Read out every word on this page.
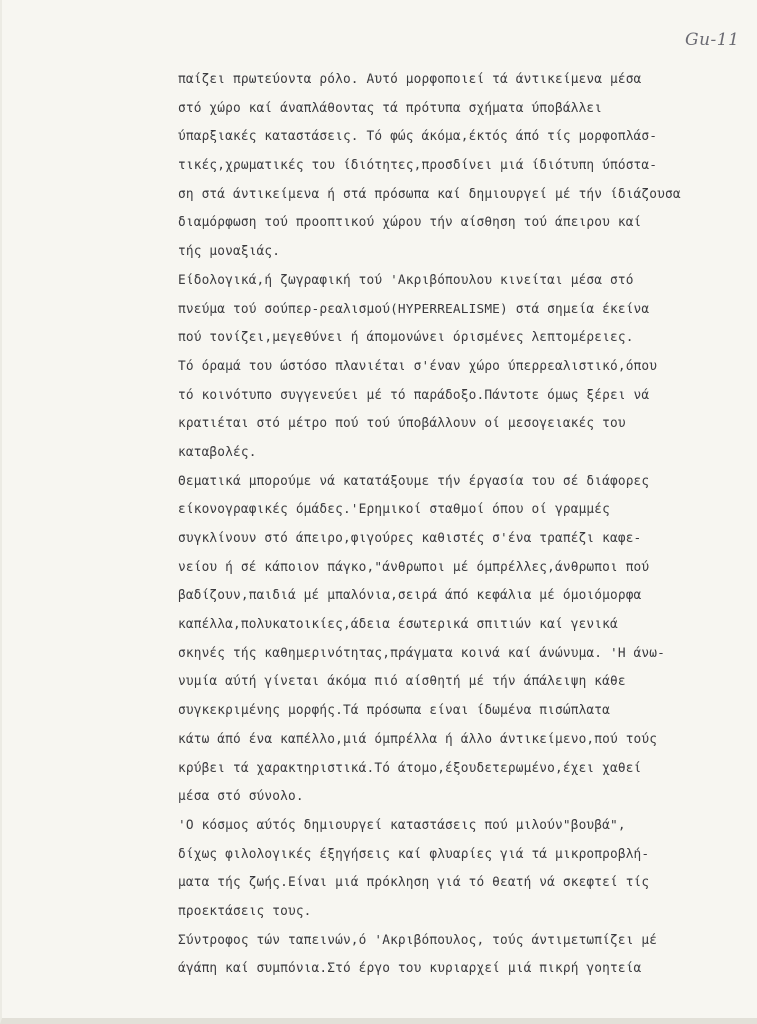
Gu-11
παίζει πρωτεύοντα ρόλο. Αυτό μορφοποιεί τά άντικείμενα μέσα
στό χώρο καί άναπλάθοντας τά πρότυπα σχήματα ύποβάλλει
ύπαρξιακές καταστάσεις. Τό φώς άκόμα,έκτός άπό τίς μορφοπλάσ-
τικές,χρωματικές του ίδιότητες,προσδίνει μιά ίδιότυπη ύπόστα-
ση στά άντικείμενα ή στά πρόσωπα καί δημιουργεί μέ τήν ίδιάζουσα
διαμόρφωση τού προοπτικού χώρου τήν αίσθηση τού άπειρου καί
τής μοναξιάς.
Είδολογικά,ή ζωγραφική τού 'Ακριβόπουλου κινείται μέσα στό
πνεύμα τού σούπερ-ρεαλισμού(HYPERREALISME) στά σημεία έκείνα
πού τονίζει,μεγεθύνει ή άπομονώνει όρισμένες λεπτομέρειες.
Τό όραμά του ώστόσο πλανιέται σ'έναν χώρο ύπερρεαλιστικό,όπου
τό κοινότυπο συγγενεύει μέ τό παράδοξο.Πάντοτε όμως ξέρει νά
κρατιέται στό μέτρο πού τού ύποβάλλουν οί μεσογειακές του
καταβολές.
Θεματικά μπορούμε νά κατατάξουμε τήν έργασία του σέ διάφορες
είκονογραφικές όμάδες.'Ερημικοί σταθμοί όπου οί γραμμές
συγκλίνουν στό άπειρο,φιγούρες καθιστές σ'ένα τραπέζι καφε-
νείου ή σέ κάποιον πάγκο,"άνθρωποι μέ όμπρέλλες,άνθρωποι πού
βαδίζουν,παιδιά μέ μπαλόνια,σειρά άπό κεφάλια μέ όμοιόμορφα
καπέλλα,πολυκατοικίες,άδεια έσωτερικά σπιτιών καί γενικά
σκηνές τής καθημερινότητας,πράγματα κοινά καί άνώνυμα. 'Η άνω-
νυμία αύτή γίνεται άκόμα πιό αίσθητή μέ τήν άπάλειψη κάθε
συγκεκριμένης μορφής.Τά πρόσωπα είναι ίδωμένα πισώπλατα
κάτω άπό ένα καπέλλο,μιά όμπρέλλα ή άλλο άντικείμενο,πού τούς
κρύβει τά χαρακτηριστικά.Τό άτομο,έξουδετερωμένο,έχει χαθεί
μέσα στό σύνολο.
'Ο κόσμος αύτός δημιουργεί καταστάσεις πού μιλούν"βουβά",
δίχως φιλολογικές έξηγήσεις καί φλυαρίες γιά τά μικροπροβλή-
ματα τής ζωής.Είναι μιά πρόκληση γιά τό θεατή νά σκεφτεί τίς
προεκτάσεις τους.
Σύντροφος τών ταπεινών,ό 'Ακριβόπουλος, τούς άντιμετωπίζει μέ
άγάπη καί συμπόνια.Στό έργο του κυριαρχεί μιά πικρή γοητεία
